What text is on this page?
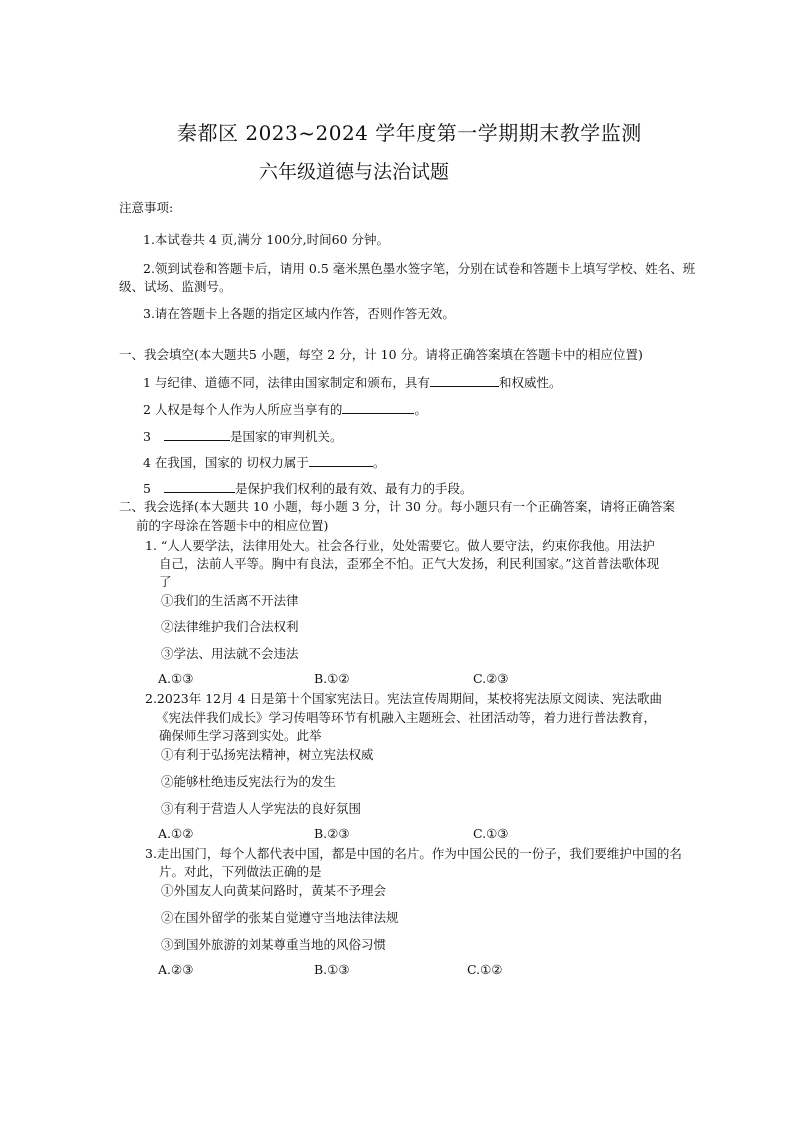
秦都区 2023~2024 学年度第一学期期末教学监测
六年级道德与法治试题
注意事项:
1.本试卷共 4 页,满分 100分,时间60 分钟。
2.领到试卷和答题卡后，请用 0.5 毫米黑色墨水签字笔，分别在试卷和答题卡上填写学校、姓名、班
级、试场、监测号。
3.请在答题卡上各题的指定区域内作答，否则作答无效。
一、我会填空(本大题共5 小题，每空 2 分，计 10 分。请将正确答案填在答题卡中的相应位置)
1 与纪律、道德不同，法律由国家制定和颁布，具有	和权威性。
2 人权是每个人作为人所应当享有的	。
3	是国家的审判机关。
4 在我国，国家的 切权力属于	。
5	是保护我们权利的最有效、最有力的手段。
二、我会选择(本大题共 10 小题，每小题 3 分，计 30 分。每小题只有一个正确答案，请将正确答案
前的字母涂在答题卡中的相应位置)
1. “人人要学法，法律用处大。社会各行业，处处需要它。做人要守法，约束你我他。用法护
自己，法前人平等。胸中有良法，歪邪全不怕。正气大发扬，利民利国家。”这首普法歌体现
了
①我们的生活离不开法律
②法律维护我们合法权利
③学法、用法就不会违法
A.①③	B.①②	C.②③
2.2023年 12月 4 日是第十个国家宪法日。宪法宣传周期间，某校将宪法原文阅读、宪法歌曲
《宪法伴我们成长》学习传唱等环节有机融入主题班会、社团活动等，着力进行普法教育，
确保师生学习落到实处。此举
①有利于弘扬宪法精神，树立宪法权威
②能够杜绝违反宪法行为的发生
③有利于营造人人学宪法的良好氛围
A.①②	B.②③	C.①③
3.走出国门，每个人都代表中国，都是中国的名片。作为中国公民的一份子，我们要维护中国的名
片。对此，下列做法正确的是
①外国友人向黄某问路时，黄某不予理会
②在国外留学的张某自觉遵守当地法律法规
③到国外旅游的刘某尊重当地的风俗习惯
A.②③	B.①③	C.①②
